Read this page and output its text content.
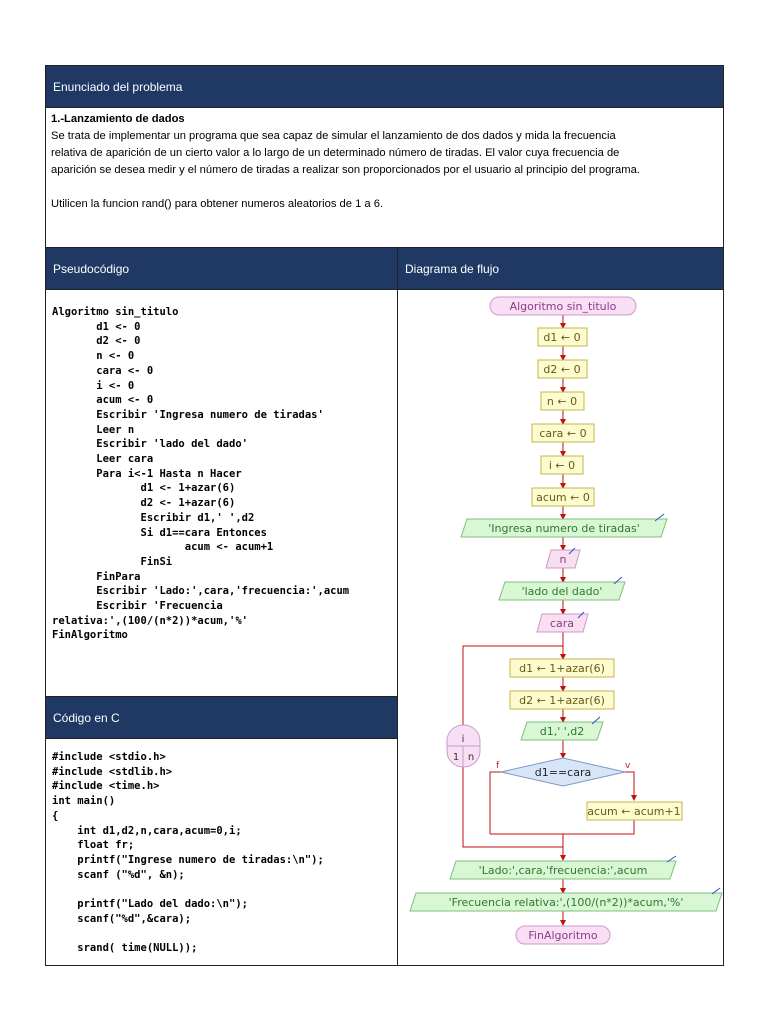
Enunciado del problema
Pseudocódigo	Diagrama de flujo
Código en C

1.-Lanzamiento de dados

Se trata de implementar un programa que sea capaz de simular el lanzamiento de dos dados y mida la frecuencia

relativa de aparición de un cierto valor a lo largo de un determinado número de tiradas. El valor cuya frecuencia de

aparición se desea medir y el número de tiradas a realizar son proporcionados por el usuario al principio del programa.

Utilicen la funcion rand() para obtener numeros aleatorios de 1 a 6.

Algoritmo sin_titulo
d1 <- 0
d2 <- 0
n <- 0
cara <- 0
i <- 0
acum <- 0
Escribir 'Ingresa numero de tiradas'
Leer n
Escribir 'lado del dado'
Leer cara
Para i<-1 Hasta n Hacer
d1 <- 1+azar(6)
d2 <- 1+azar(6)
Escribir d1,' ',d2
Si d1==cara Entonces
acum <- acum+1
FinSi
FinPara
Escribir 'Lado:',cara,'frecuencia:',acum
Escribir 'Frecuencia
relativa:',(100/(n*2))*acum,'%'
FinAlgoritmo
#include <stdio.h>
#include <stdlib.h>
#include <time.h>
int main()
{
int d1,d2,n,cara,acum=0,i;
float fr;
printf("Ingrese numero de tiradas:\n");
scanf ("%d", &n);

printf("Lado del dado:\n");
scanf("%d",&cara);

srand( time(NULL));
Algoritmo sin_titulo
d1 ← 0
d2 ← 0
n ← 0
cara ← 0
i ← 0
acum ← 0
'Ingresa numero de tiradas'
n
'lado del dado'
cara
i
1 n
d1 ← 1+azar(6)
d2 ← 1+azar(6)
d1,' ',d2
d1==cara
f	v
acum ← acum+1
'Lado:',cara,'frecuencia:',acum
'Frecuencia relativa:',(100/(n*2))*acum,'%'
FinAlgoritmo
